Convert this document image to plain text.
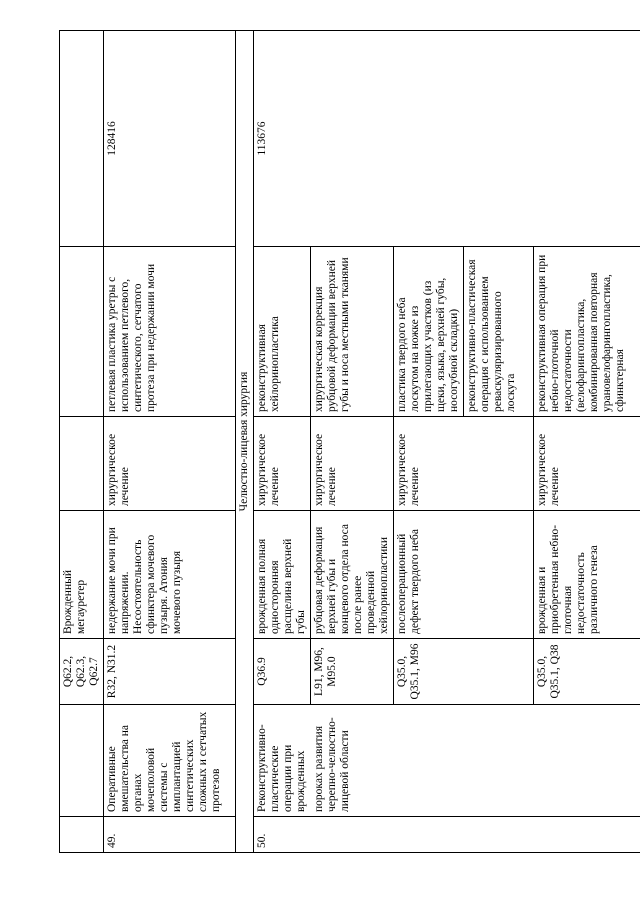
		Q62.2, Q62.3, Q62.7	Врожденный мегауретер			
49.	Оперативные вмешательства на органах мочеполовой системы с имплантацией синтетических сложных и сетчатых протезов	R32, N31.2	недержание мочи при напряжении. Несостоятельность сфинктера мочевого пузыря. Атония мочевого пузыря	хирургическое лечение	петлевая пластика уретры с использованием петлевого, синтетического, сетчатого протеза при недержании мочи	128416
Челюстно-лицевая хирургия						
50.	Реконструктивно-пластические операции при врожденных	Q36.9	врожденная полная односторонняя расщелина верхней губы	хирургическое лечение	реконструктивная хейлоринопластика	113676
	пороках развития черепно-челюстно-лицевой области	L91, M96, M95.0	рубцовая деформация верхней губы и концевого отдела носа после ранее проведенной хейлоринопластики	хирургическое лечение	хирургическая коррекция рубцовой деформации верхней губы и носа местными тканями	
		Q35.0, Q35.1, M96	послеоперационный дефект твердого неба	хирургическое лечение	пластика твердого неба лоскутом на ножке из прилегающих участков (из щеки, языка, верхней губы, носогубной складки)	
					реконструктивно-пластическая операция с использованием реваскуляризированного лоскута	
		Q35.0, Q35.1, Q38	врожденная и приобретенная небно-глоточная недостаточность различного генеза	хирургическое лечение	реконструктивная операция при небно-глоточной недостаточности (велофарингопластика, комбинированная повторная урановелофарингопластика, сфинктерная	
